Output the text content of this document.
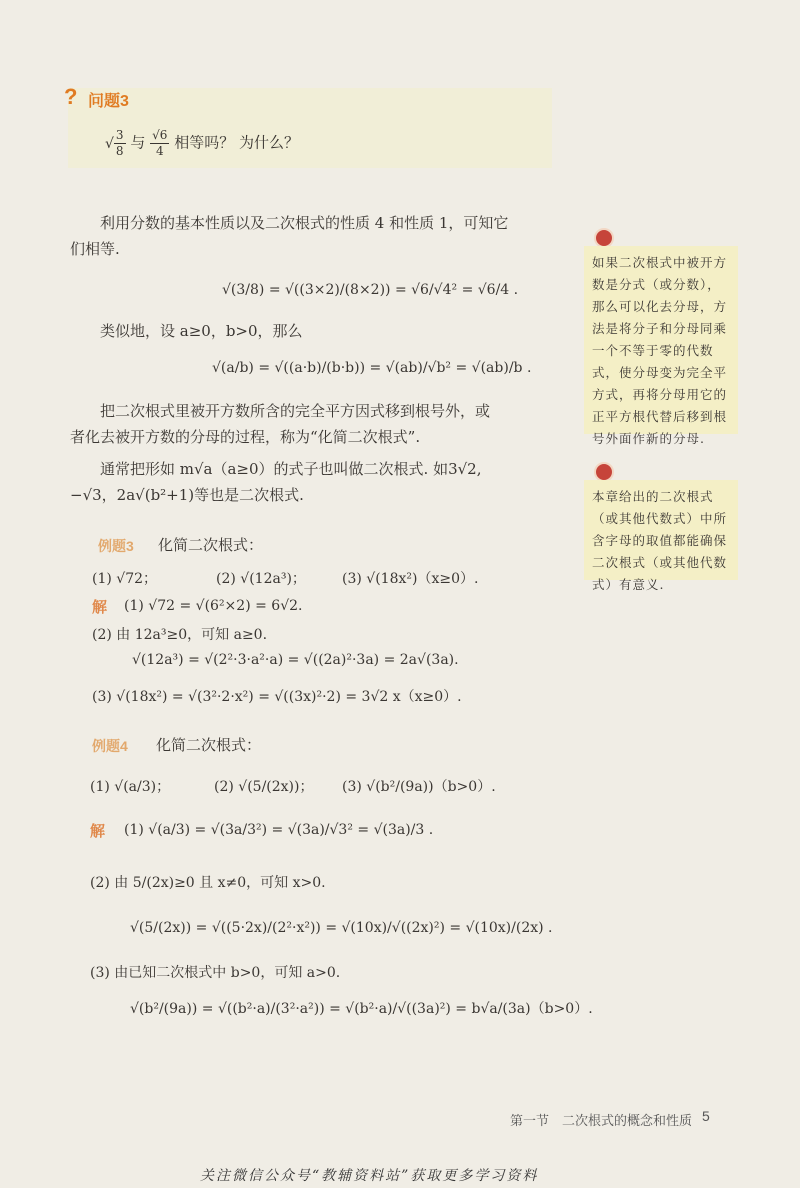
? 问题3
√ $\frac{3}{8}$ 与 $\frac{√6}{4}$ 相等吗？ 为什么？
利用分数的基本性质以及二次根式的性质 4 和性质 1，可知它
们相等.
√(3/8) = √((3×2)/(8×2)) = √6/√4² = √6/4 .
类似地，设 a≥0，b>0，那么
√(a/b) = √((a·b)/(b·b)) = √(ab)/√b² = √(ab)/b .
把二次根式里被开方数所含的完全平方因式移到根号外，或
者化去被开方数的分母的过程，称为“化简二次根式”.
通常把形如 m√a（a≥0）的式子也叫做二次根式. 如3√2,
−√3，2a√(b²+1)等也是二次根式.
例题3 化简二次根式：
(1) √72；	(2) √(12a³)；	(3) √(18x²)（x≥0）.
解 (1) √72 = √(6²×2) = 6√2.
(2) 由 12a³≥0，可知 a≥0.
√(12a³) = √(2²·3·a²·a) = √((2a)²·3a) = 2a√(3a).
(3) √(18x²) = √(3²·2·x²) = √((3x)²·2) = 3√2 x（x≥0）.
例题4 化简二次根式：
(1) √(a/3)；	(2) √(5/(2x))； (3) √(b²/(9a))（b>0）.
解 (1) √(a/3) = √(3a/3²) = √(3a)/√3² = √(3a)/3 .
(2) 由 5/(2x)≥0 且 x≠0，可知 x>0.
√(5/(2x)) = √((5·2x)/(2²·x²)) = √(10x)/√((2x)²) = √(10x)/(2x) .
(3) 由已知二次根式中 b>0，可知 a>0.
√(b²/(9a)) = √((b²·a)/(3²·a²)) = √(b²·a)/√((3a)²) = b√a/(3a)（b>0）.
如果二次根式中被开方数是分式（或分数），那么可以化去分母，方法是将分子和分母同乘一个不等于零的代数式，使分母变为完全平方式，再将分母用它的正平方根代替后移到根号外面作新的分母.
本章给出的二次根式（或其他代数式）中所含字母的取值都能确保二次根式（或其他代数式）有意义.
第一节 二次根式的概念和性质 5
关注微信公众号“教辅资料站”获取更多学习资料
